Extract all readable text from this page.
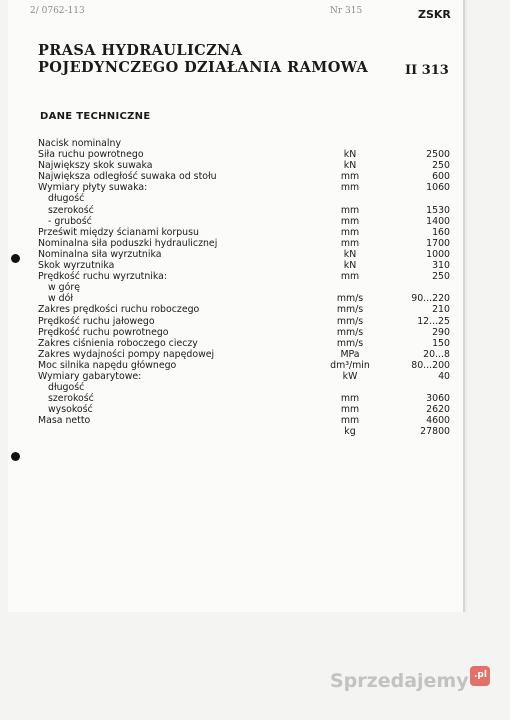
2/ 0762-113	Nr 315	ZSKR
PRASA HYDRAULICZNA
POJEDYNCZEGO DZIAŁANIA RAMOWA	II 313
DANE TECHNICZNE
Nacisk nominalny
Siła ruchu powrotnego	kN	2500
Największy skok suwaka	kN	250
Największa odległość suwaka od stołu	mm	600
Wymiary płyty suwaka:	mm	1060
długość
szerokość	mm	1530
- grubość	mm	1400
Prześwit między ścianami korpusu	mm	160
Nominalna siła poduszki hydraulicznej	mm	1700
Nominalna siła wyrzutnika	kN	1000
Skok wyrzutnika	kN	310
Prędkość ruchu wyrzutnika:	mm	250
w górę
w dół	mm/s	90...220
Zakres prędkości ruchu roboczego	mm/s	210
Prędkość ruchu jałowego	mm/s	12...25
Prędkość ruchu powrotnego	mm/s	290
Zakres ciśnienia roboczego cieczy	mm/s	150
Zakres wydajności pompy napędowej	MPa	20...8
Moc silnika napędu głównego	dm³/min	80...200
Wymiary gabarytowe:	kW	40
długość
szerokość	mm	3060
wysokość	mm	2620
Masa netto	mm	4600
kg	27800
Sprzedajemy .pl
